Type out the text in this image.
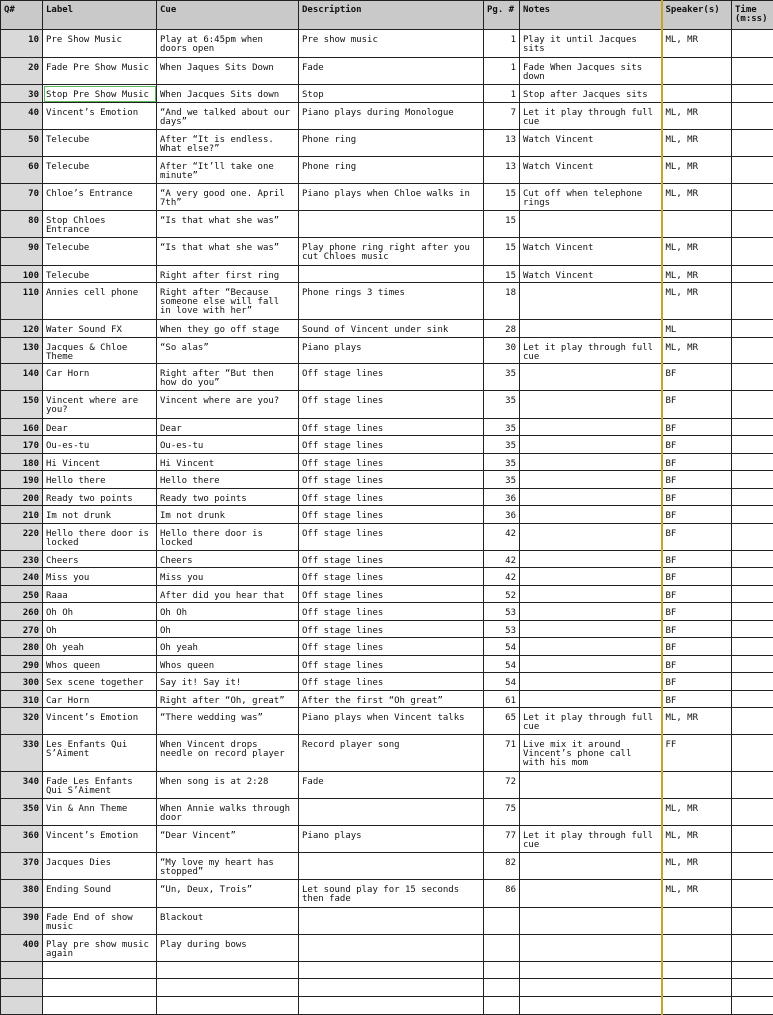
Q#	Label	Cue	Description	Pg. #	Notes	Speaker(s)	Time (m:ss)
10	Pre Show Music	Play at 6:45pm when doors open	Pre show music	1	Play it until Jacques sits	ML, MR	
20	Fade Pre Show Music	When Jaques Sits Down	Fade	1	Fade When Jacques sits down		
30	Stop Pre Show Music	When Jacques Sits down	Stop	1	Stop after Jacques sits		
40	Vincent’s Emotion	“And we talked about our days”	Piano plays during Monologue	7	Let it play through full cue	ML, MR	
50	Telecube	After “It is endless. What else?”	Phone ring	13	Watch Vincent	ML, MR	
60	Telecube	After “It’ll take one minute”	Phone ring	13	Watch Vincent	ML, MR	
70	Chloe’s Entrance	“A very good one. April 7th”	Piano plays when Chloe walks in	15	Cut off when telephone rings	ML, MR	
80	Stop Chloes Entrance	“Is that what she was”		15			
90	Telecube	“Is that what she was”	Play phone ring right after you cut Chloes music	15	Watch Vincent	ML, MR	
100	Telecube	Right after first ring		15	Watch Vincent	ML, MR	
110	Annies cell phone	Right after “Because someone else will fall in love with her”	Phone rings 3 times	18		ML, MR	
120	Water Sound FX	When they go off stage	Sound of Vincent under sink	28		ML	
130	Jacques & Chloe Theme	“So alas”	Piano plays	30	Let it play through full cue	ML, MR	
140	Car Horn	Right after “But then how do you”	Off stage lines	35		BF	
150	Vincent where are you?	Vincent where are you?	Off stage lines	35		BF	
160	Dear	Dear	Off stage lines	35		BF	
170	Ou-es-tu	Ou-es-tu	Off stage lines	35		BF	
180	Hi Vincent	Hi Vincent	Off stage lines	35		BF	
190	Hello there	Hello there	Off stage lines	35		BF	
200	Ready two points	Ready two points	Off stage lines	36		BF	
210	Im not drunk	Im not drunk	Off stage lines	36		BF	
220	Hello there door is locked	Hello there door is locked	Off stage lines	42		BF	
230	Cheers	Cheers	Off stage lines	42		BF	
240	Miss you	Miss you	Off stage lines	42		BF	
250	Raaa	After did you hear that	Off stage lines	52		BF	
260	Oh Oh	Oh Oh	Off stage lines	53		BF	
270	Oh	Oh	Off stage lines	53		BF	
280	Oh yeah	Oh yeah	Off stage lines	54		BF	
290	Whos queen	Whos queen	Off stage lines	54		BF	
300	Sex scene together	Say it! Say it!	Off stage lines	54		BF	
310	Car Horn	Right after “Oh, great”	After the first “Oh great”	61		BF	
320	Vincent’s Emotion	“There wedding was”	Piano plays when Vincent talks	65	Let it play through full cue	ML, MR	
330	Les Enfants Qui S’Aiment	When Vincent drops needle on record player	Record player song	71	Live mix it around Vincent’s phone call with his mom	FF	
340	Fade Les Enfants Qui S’Aiment	When song is at 2:28	Fade	72			
350	Vin & Ann Theme	When Annie walks through door		75		ML, MR	
360	Vincent’s Emotion	“Dear Vincent”	Piano plays	77	Let it play through full cue	ML, MR	
370	Jacques Dies	“My love my heart has stopped”		82		ML, MR	
380	Ending Sound	“Un, Deux, Trois”	Let sound play for 15 seconds then fade	86		ML, MR	
390	Fade End of show music	Blackout					
400	Play pre show music again	Play during bows					
